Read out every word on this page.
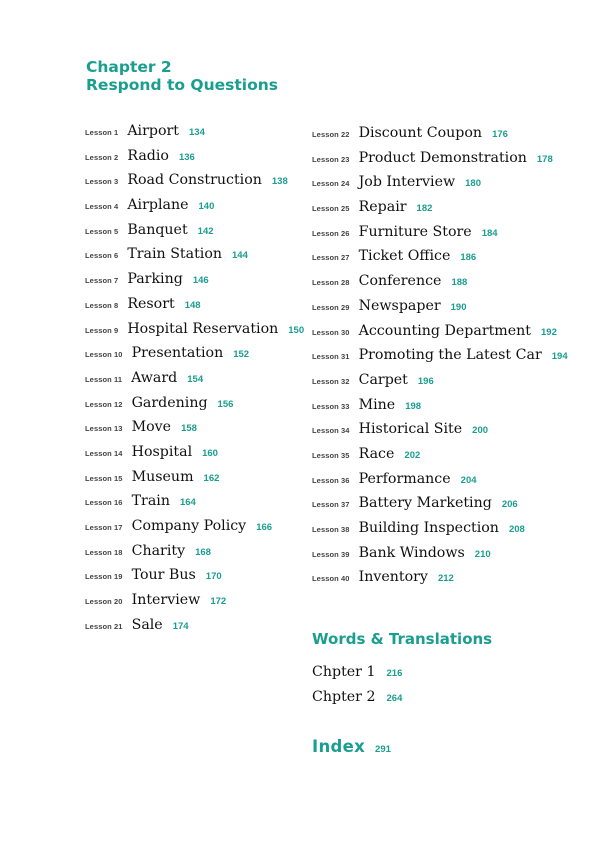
Chapter 2
Respond to Questions
Lesson 1 Airport 134
Lesson 2 Radio 136
Lesson 3 Road Construction 138
Lesson 4 Airplane 140
Lesson 5 Banquet 142
Lesson 6 Train Station 144
Lesson 7 Parking 146
Lesson 8 Resort 148
Lesson 9 Hospital Reservation 150
Lesson 10 Presentation 152
Lesson 11 Award 154
Lesson 12 Gardening 156
Lesson 13 Move 158
Lesson 14 Hospital 160
Lesson 15 Museum 162
Lesson 16 Train 164
Lesson 17 Company Policy 166
Lesson 18 Charity 168
Lesson 19 Tour Bus 170
Lesson 20 Interview 172
Lesson 21 Sale 174
Lesson 22 Discount Coupon 176
Lesson 23 Product Demonstration 178
Lesson 24 Job Interview 180
Lesson 25 Repair 182
Lesson 26 Furniture Store 184
Lesson 27 Ticket Office 186
Lesson 28 Conference 188
Lesson 29 Newspaper 190
Lesson 30 Accounting Department 192
Lesson 31 Promoting the Latest Car 194
Lesson 32 Carpet 196
Lesson 33 Mine 198
Lesson 34 Historical Site 200
Lesson 35 Race 202
Lesson 36 Performance 204
Lesson 37 Battery Marketing 206
Lesson 38 Building Inspection 208
Lesson 39 Bank Windows 210
Lesson 40 Inventory 212
Words & Translations
Chpter 1 216
Chpter 2 264
Index 291
